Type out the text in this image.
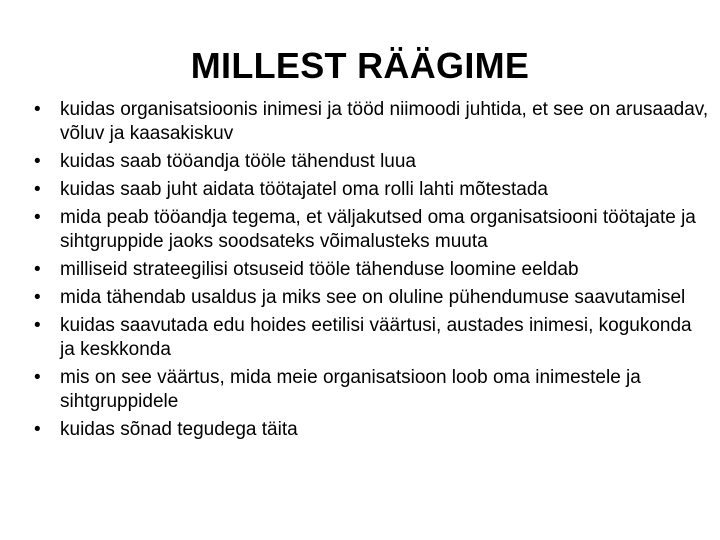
MILLEST RÄÄGIME
•	kuidas organisatsioonis inimesi ja tööd niimoodi juhtida, et see on arusaadav, võluv ja kaasakiskuv
•	kuidas saab tööandja tööle tähendust luua
•	kuidas saab juht aidata töötajatel oma rolli lahti mõtestada
•	mida peab tööandja tegema, et väljakutsed oma organisatsiooni töötajate ja sihtgruppide jaoks soodsateks võimalusteks muuta
•	milliseid strateegilisi otsuseid tööle tähenduse loomine eeldab
•	mida tähendab usaldus ja miks see on oluline pühendumuse saavutamisel
•	kuidas saavutada edu hoides eetilisi väärtusi, austades inimesi, kogukonda ja keskkonda
•	mis on see väärtus, mida meie organisatsioon loob oma inimestele ja sihtgruppidele
•	kuidas sõnad tegudega täita
